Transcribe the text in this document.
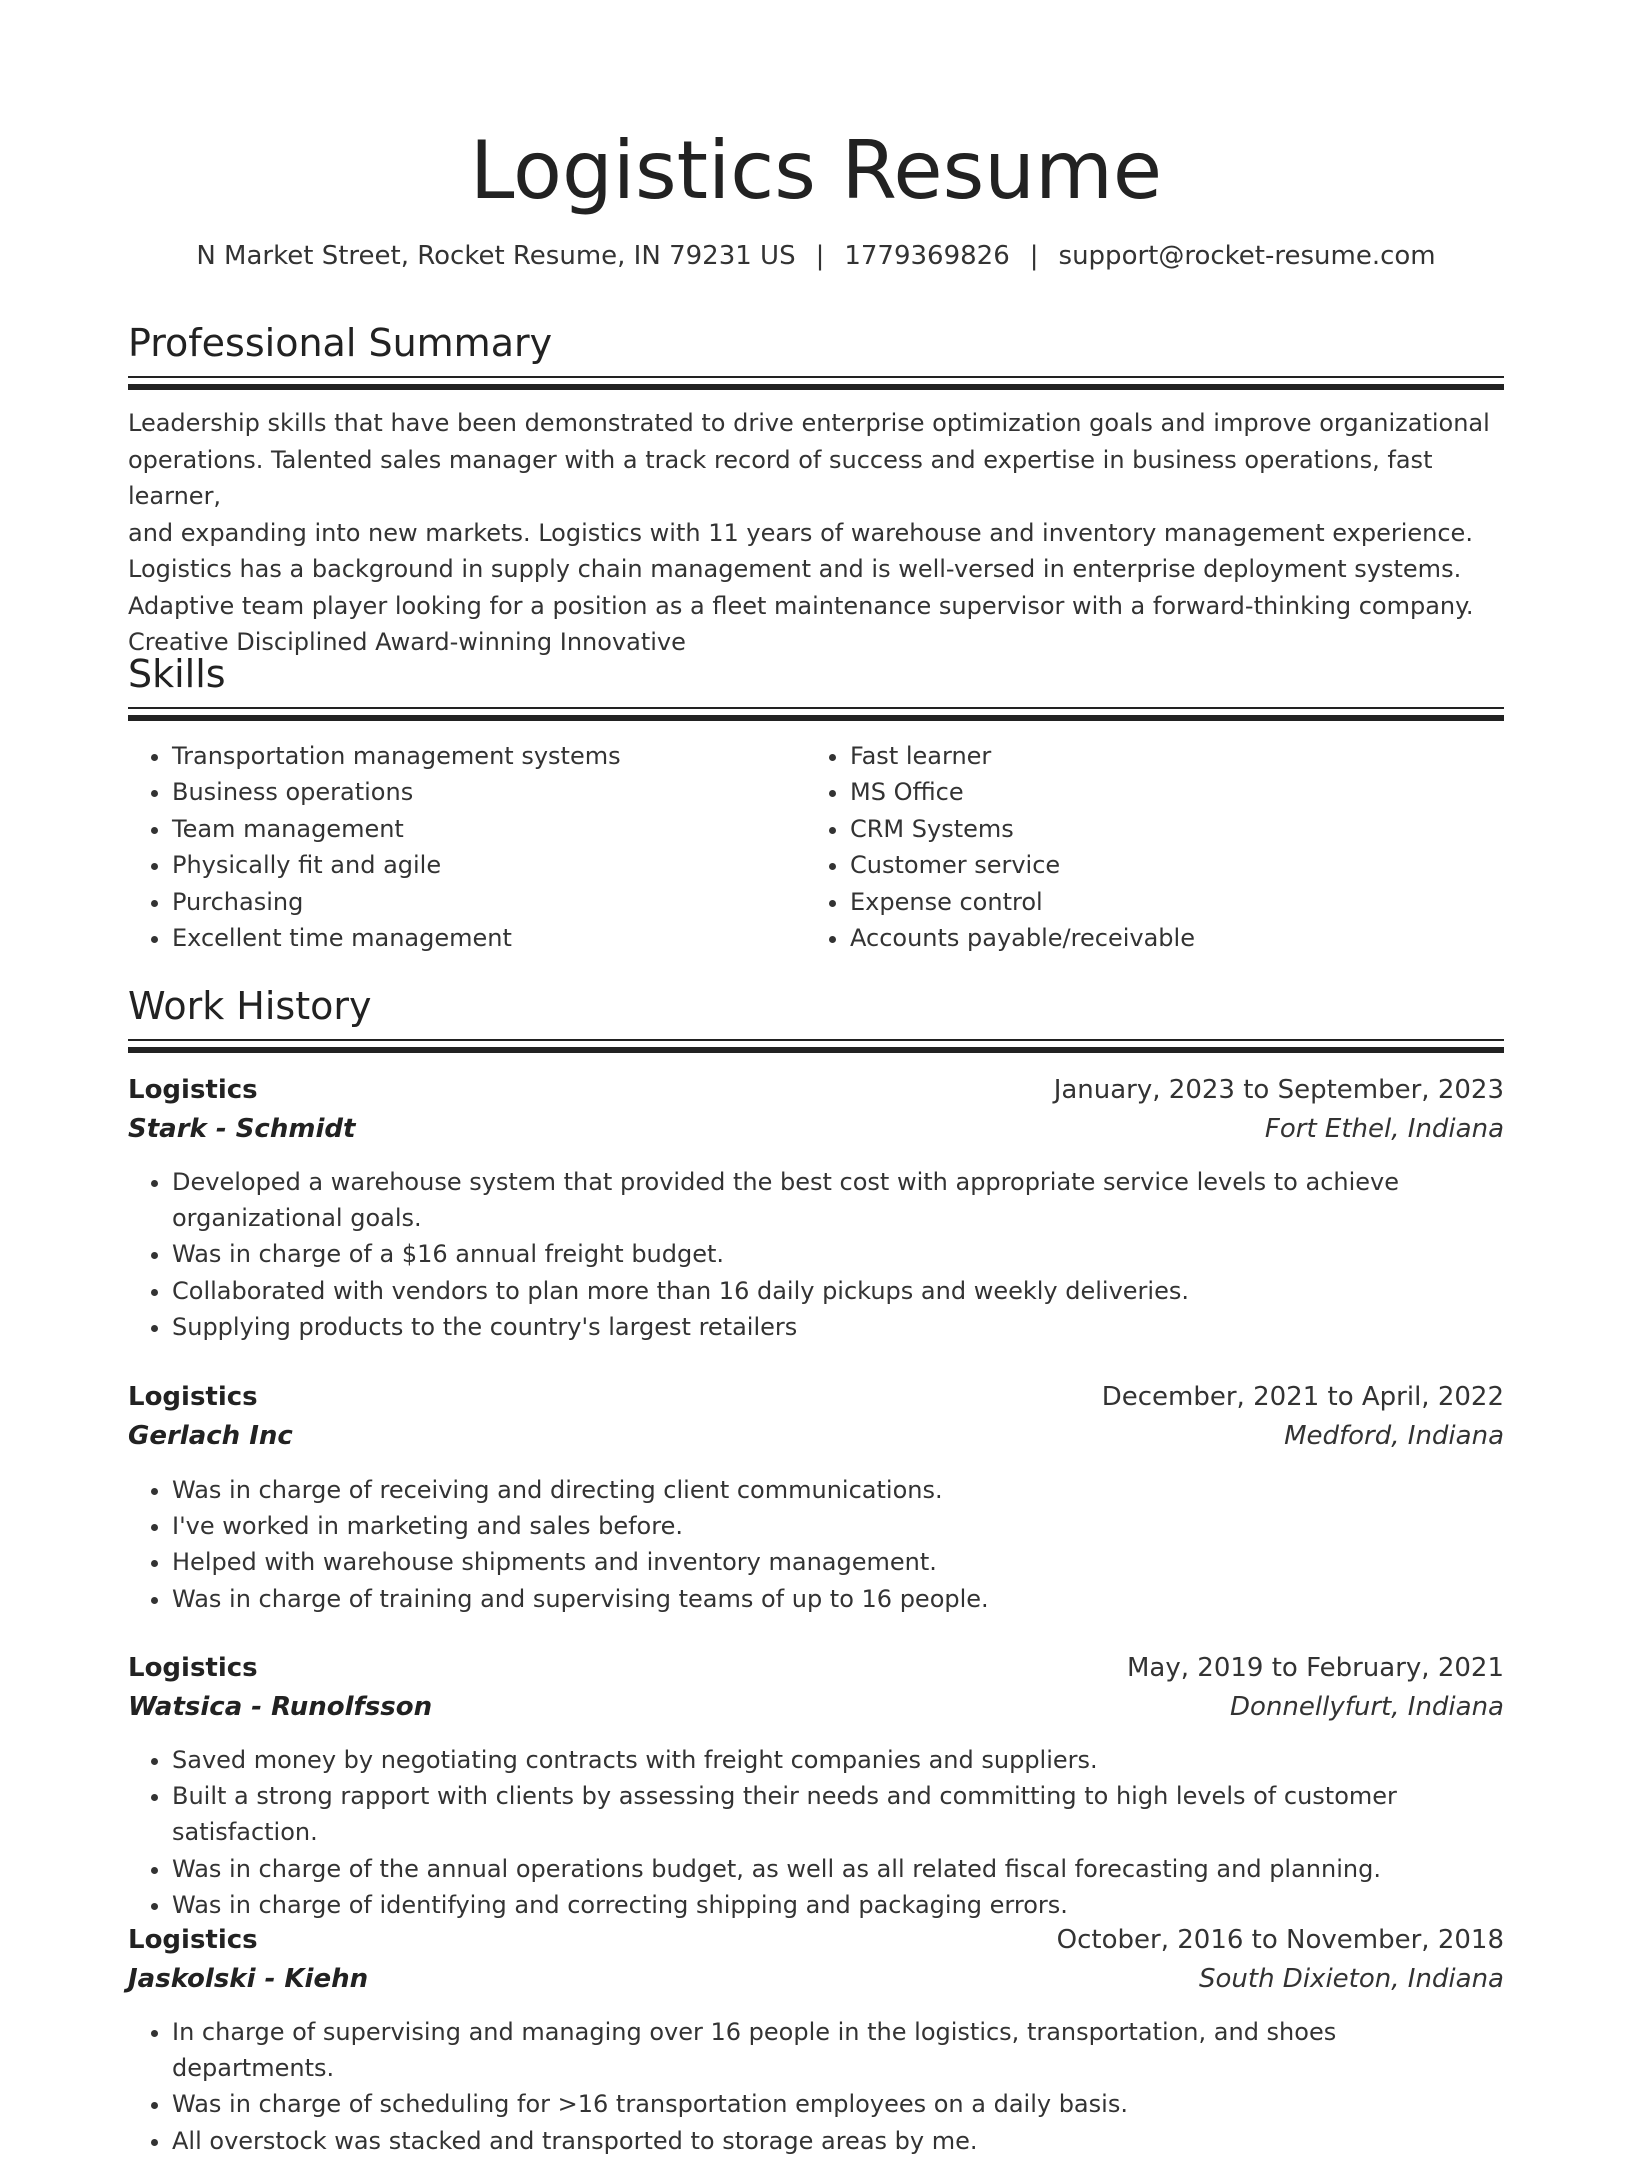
Logistics Resume
N Market Street, Rocket Resume, IN 79231 US | 1779369826 | support@rocket-resume.com
Professional Summary
Leadership skills that have been demonstrated to drive enterprise optimization goals and improve organizational
operations. Talented sales manager with a track record of success and expertise in business operations, fast learner,
and expanding into new markets. Logistics with 11 years of warehouse and inventory management experience.
Logistics has a background in supply chain management and is well-versed in enterprise deployment systems.
Adaptive team player looking for a position as a fleet maintenance supervisor with a forward-thinking company.
Creative Disciplined Award-winning Innovative
Skills
• Transportation management systems
• Business operations
• Team management
• Physically fit and agile
• Purchasing
• Excellent time management
• Fast learner
• MS Office
• CRM Systems
• Customer service
• Expense control
• Accounts payable/receivable
Work History
Logistics	January, 2023 to September, 2023
Stark - Schmidt	Fort Ethel, Indiana
• Developed a warehouse system that provided the best cost with appropriate service levels to achieve organizational goals.
• Was in charge of a $16 annual freight budget.
• Collaborated with vendors to plan more than 16 daily pickups and weekly deliveries.
• Supplying products to the country's largest retailers
Logistics	December, 2021 to April, 2022
Gerlach Inc	Medford, Indiana
• Was in charge of receiving and directing client communications.
• I've worked in marketing and sales before.
• Helped with warehouse shipments and inventory management.
• Was in charge of training and supervising teams of up to 16 people.
Logistics	May, 2019 to February, 2021
Watsica - Runolfsson	Donnellyfurt, Indiana
• Saved money by negotiating contracts with freight companies and suppliers.
• Built a strong rapport with clients by assessing their needs and committing to high levels of customer satisfaction.
• Was in charge of the annual operations budget, as well as all related fiscal forecasting and planning.
• Was in charge of identifying and correcting shipping and packaging errors.
Logistics	October, 2016 to November, 2018
Jaskolski - Kiehn	South Dixieton, Indiana
• In charge of supervising and managing over 16 people in the logistics, transportation, and shoes departments.
• Was in charge of scheduling for >16 transportation employees on a daily basis.
• All overstock was stacked and transported to storage areas by me.
